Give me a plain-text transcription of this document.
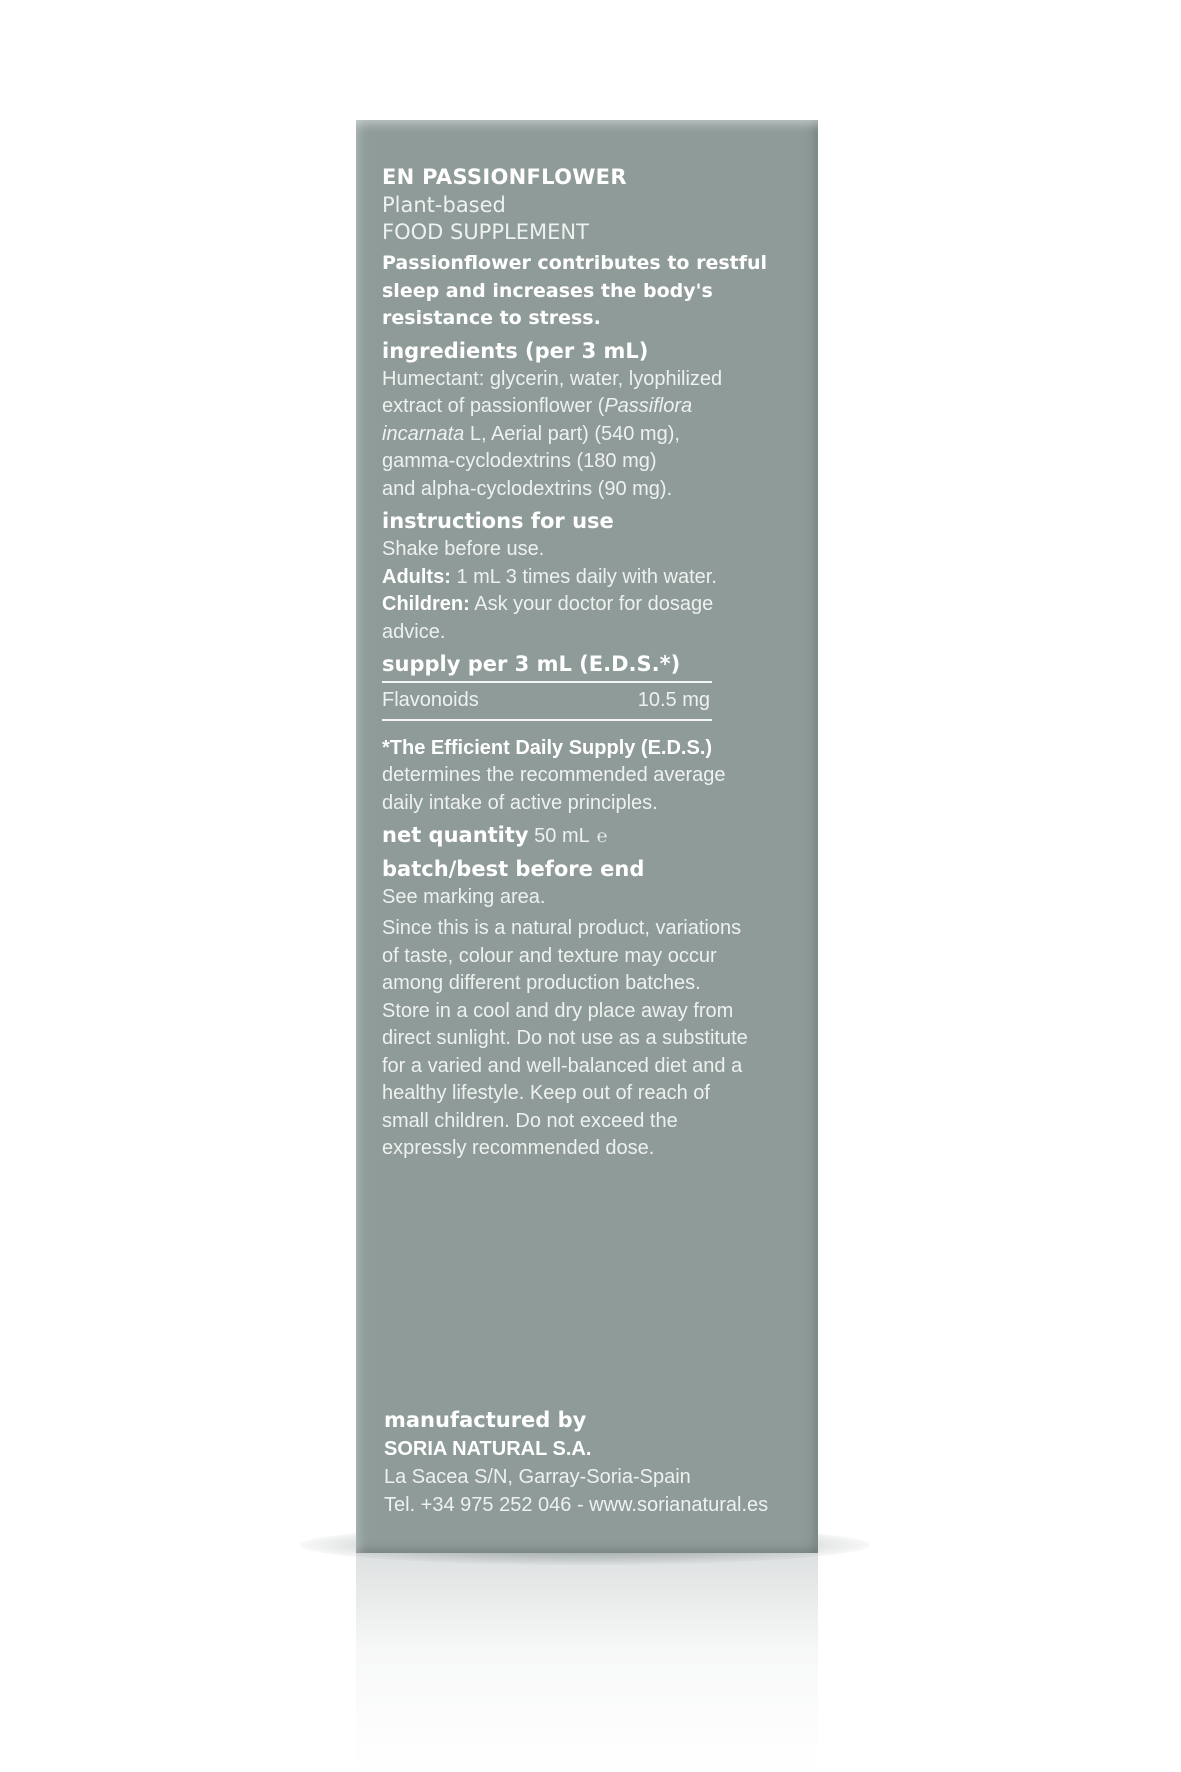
EN PASSIONFLOWER
Plant-based
FOOD SUPPLEMENT
Passionflower contributes to restful
sleep and increases the body's
resistance to stress.
ingredients (per 3 mL)
Humectant: glycerin, water, lyophilized
extract of passionflower (Passiflora
incarnata L, Aerial part) (540 mg),
gamma-cyclodextrins (180 mg)
and alpha-cyclodextrins (90 mg).
instructions for use
Shake before use.
Adults: 1 mL 3 times daily with water.
Children: Ask your doctor for dosage
advice.
supply per 3 mL (E.D.S.*)
Flavonoids	10.5 mg
*The Efficient Daily Supply (E.D.S.)
determines the recommended average
daily intake of active principles.
net quantity 50 mL ℮
batch/best before end
See marking area.
Since this is a natural product, variations
of taste, colour and texture may occur
among different production batches.
Store in a cool and dry place away from
direct sunlight. Do not use as a substitute
for a varied and well-balanced diet and a
healthy lifestyle. Keep out of reach of
small children. Do not exceed the
expressly recommended dose.
manufactured by
SORIA NATURAL S.A.
La Sacea S/N, Garray-Soria-Spain
Tel. +34 975 252 046 - www.sorianatural.es
